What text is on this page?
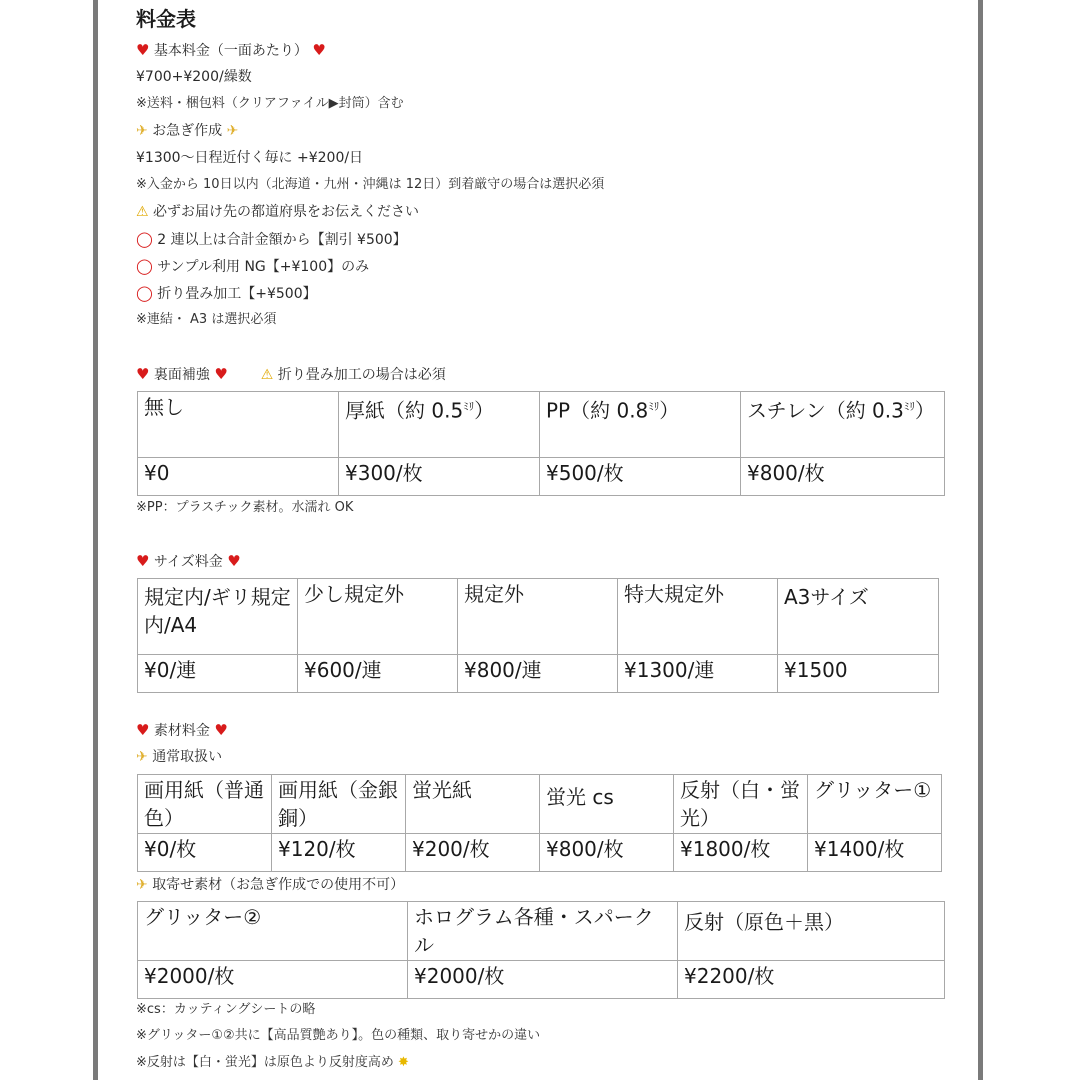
料金表
♥ 基本料金（一面あたり） ♥
¥700+¥200/繰数
※送料・梱包料（クリアファイル▶封筒）含む
✈ お急ぎ作成 ✈
¥1300～日程近付く毎に +¥200/日
※入金から 10日以内（北海道・九州・沖縄は 12日）到着厳守の場合は選択必須
⚠ 必ずお届け先の都道府県をお伝えください
◯ 2 連以上は合計金額から【割引 ¥500】
◯ サンプル利用 NG【+¥100】のみ
◯ 折り畳み加工【+¥500】
※連結・ A3 は選択必須
♥ 裏面補強 ♥ ⚠ 折り畳み加工の場合は必須
無し	厚紙（約 $0.5^{ﾐﾘ}$）	PP（約 $0.8^{ﾐﾘ}$）	スチレン（約 $0.3^{ﾐﾘ}$）
¥0	¥300/枚	¥500/枚	¥800/枚
※PP：プラスチック素材。水濡れ OK
♥ サイズ料金 ♥
規定内/ギリ規定内/A4	少し規定外	規定外	特大規定外	A3サイズ
¥0/連	¥600/連	¥800/連	¥1300/連	¥1500
♥ 素材料金 ♥
✈ 通常取扱い
画用紙（普通色）	画用紙（金銀銅）	蛍光紙	蛍光 cs	反射（白・蛍光）	グリッター①
¥0/枚	¥120/枚	¥200/枚	¥800/枚	¥1800/枚	¥1400/枚
✈ 取寄せ素材（お急ぎ作成での使用不可）
グリッター②	ホログラム各種・スパークル	反射（原色＋黒）
¥2000/枚	¥2000/枚	¥2200/枚
※cs：カッティングシートの略
※グリッター①②共に【高品質艶あり】。色の種類、取り寄せかの違い
※反射は【白・蛍光】は原色より反射度高め ✸
